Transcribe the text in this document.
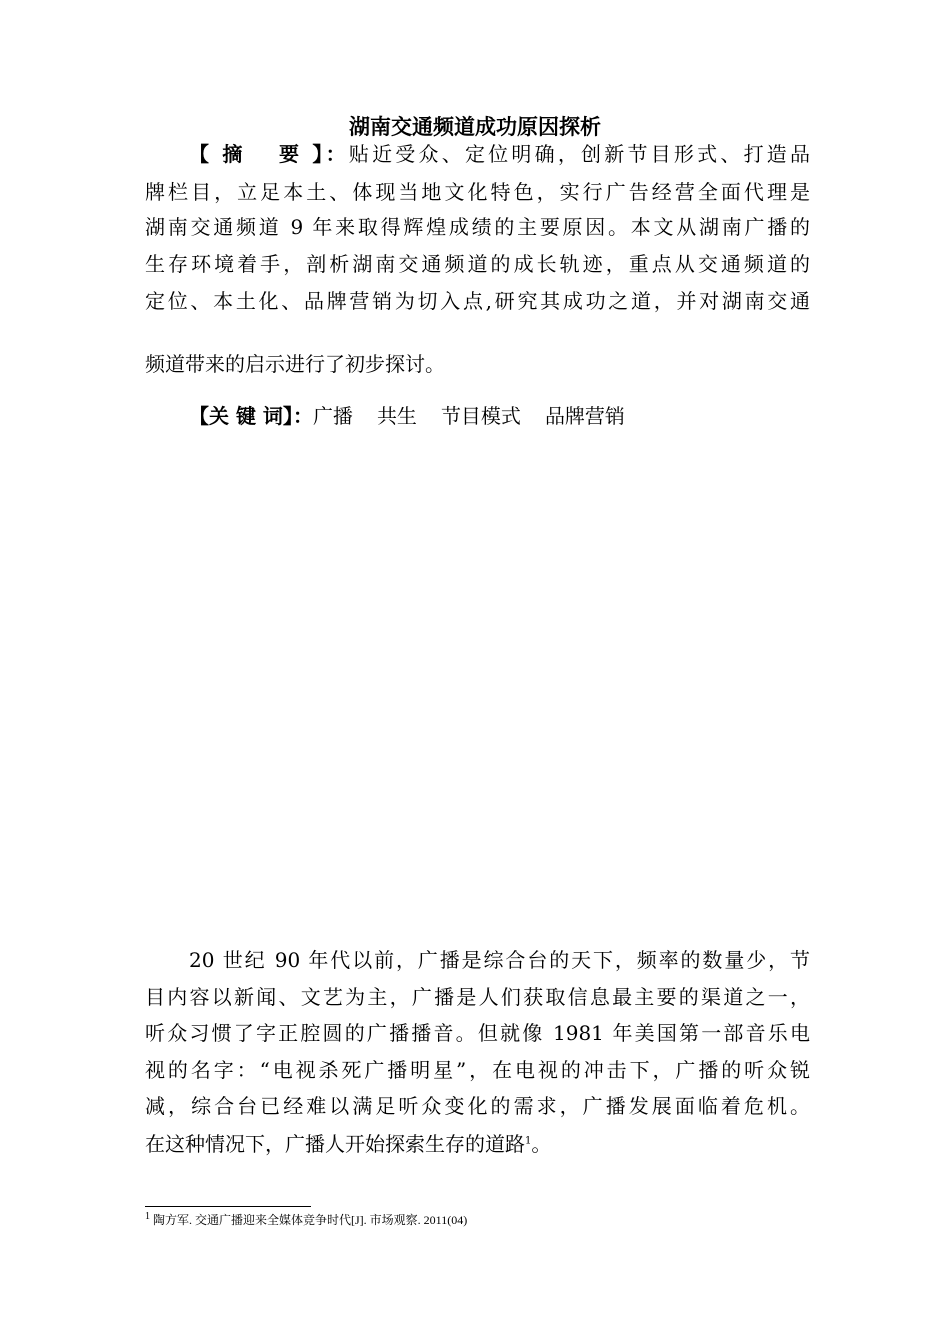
湖南交通频道成功原因探析
【 摘　 要 】：贴近受众、定位明确，创新节目形式、打造品
牌栏目，立足本土、体现当地文化特色，实行广告经营全面代理是
湖南交通频道 9 年来取得辉煌成绩的主要原因。本文从湖南广播的
生存环境着手，剖析湖南交通频道的成长轨迹，重点从交通频道的
定位、本土化、品牌营销为切入点,研究其成功之道，并对湖南交通
频道带来的启示进行了初步探讨。
【关 键 词】：广播 共生 节目模式 品牌营销
20 世纪 90 年代以前，广播是综合台的天下，频率的数量少，节
目内容以新闻、文艺为主，广播是人们获取信息最主要的渠道之一，
听众习惯了字正腔圆的广播播音。但就像 1981 年美国第一部音乐电
视的名字：“电视杀死广播明星”，在电视的冲击下，广播的听众锐
减，综合台已经难以满足听众变化的需求，广播发展面临着危机。
在这种情况下，广播人开始探索生存的道路$^1$。
$^1$ 陶方军. 交通广播迎来全媒体竞争时代[J]. 市场观察. 2011(04)
